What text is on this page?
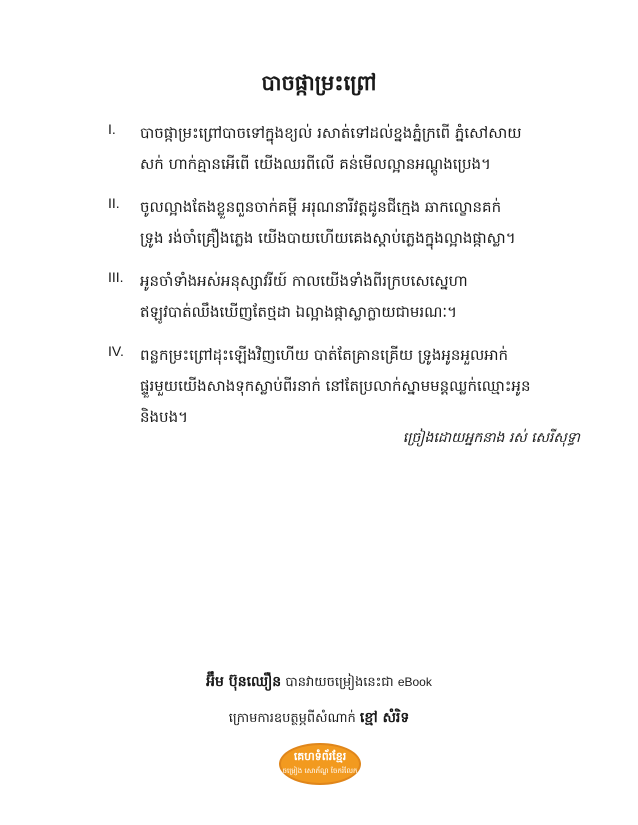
បាចផ្កាម្រះព្រៅ
I.	បាចផ្កាម្រះព្រៅបាចទៅក្នុងខ្យល់ រសាត់ទៅដល់ខ្នងភ្នំក្រពើ ភ្នំសៅសាយ
សក់ ហាក់គ្មានអើពើ យើងឈរពីលើ គន់មើលល្អានអណ្ដូងប្រេង។
II.	ចូលល្អាងតែងខ្លួនពួនចាក់គម្ពី អរុណនារីវត្តដូនជីក្មេង ឆាកល្ខោនគក់
ទ្រូង រង់ចាំគ្រឿងភ្លេង យើងបាយហើយគេងស្ដាប់ភ្លេងក្នុងល្អាងផ្កាស្លា។
III.	អូនចាំទាំងអស់អនុស្សាវរីយ៍ កាលយើងទាំងពីរក្របសេស្នេហា
ឥឡូវបាត់ឈឹងឃើញតែថ្មដា ឯល្អាងផ្កាស្លាក្លាយជាមរណៈ។
IV.	ពន្លកម្រះព្រៅដុះឡើងវិញហើយ បាត់តែគ្រានគ្រើយ ទ្រូងអូនអួលអាក់
ផ្ទួរមួយយើងសាងទុកស្លាប់ពីរនាក់ នៅតែប្រលាក់ស្នាមមន្តឈ្លក់ឈ្មោះអូន
និងបង។
ច្រៀងដោយអ្នកនាង រស់ សេរីសុទ្ធា
អ៊ឹម ប៊ុនឈឿន បានវាយចម្រៀងនេះជា eBook
ក្រោមការឧបត្ថម្ភពីសំណាក់ ខ្មៅ សំរិទ
គេហទំព័រខ្មែរ
ចម្រៀង សោភ័ណ្ឌ ចែករំលែក
